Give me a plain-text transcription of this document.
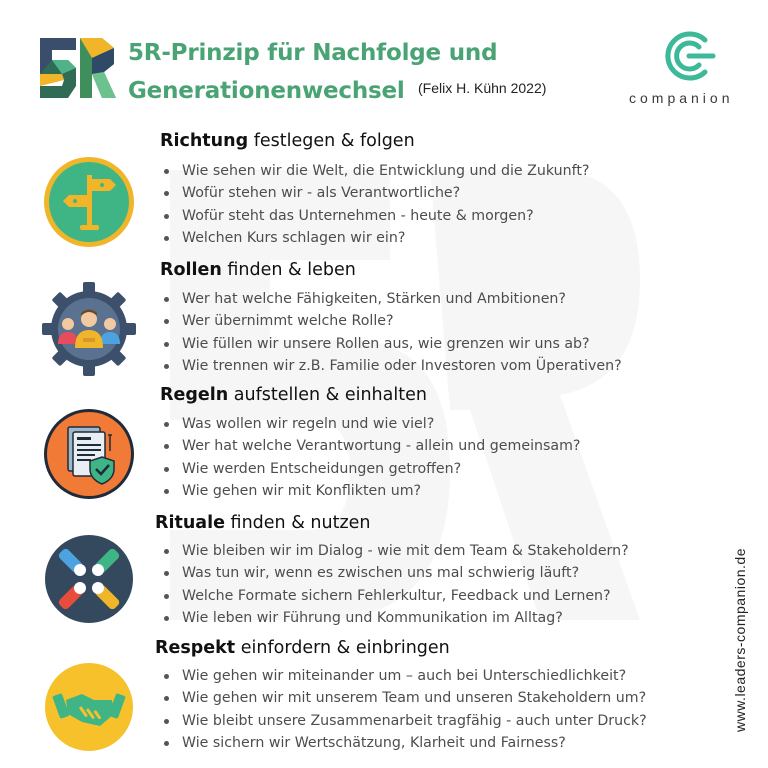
5R-Prinzip für Nachfolge und
Generationenwechsel (Felix H. Kühn 2022)
companion
Richtung festlegen & folgen
Wie sehen wir die Welt, die Entwicklung und die Zukunft?
Wofür stehen wir - als Verantwortliche?
Wofür steht das Unternehmen - heute & morgen?
Welchen Kurs schlagen wir ein?
Rollen finden & leben
Wer hat welche Fähigkeiten, Stärken und Ambitionen?
Wer übernimmt welche Rolle?
Wie füllen wir unsere Rollen aus, wie grenzen wir uns ab?
Wie trennen wir z.B. Familie oder Investoren vom Üperativen?
Regeln aufstellen & einhalten
Was wollen wir regeln und wie viel?
Wer hat welche Verantwortung - allein und gemeinsam?
Wie werden Entscheidungen getroffen?
Wie gehen wir mit Konflikten um?
Rituale finden & nutzen
Wie bleiben wir im Dialog - wie mit dem Team & Stakeholdern?
Was tun wir, wenn es zwischen uns mal schwierig läuft?
Welche Formate sichern Fehlerkultur, Feedback und Lernen?
Wie leben wir Führung und Kommunikation im Alltag?
Respekt einfordern & einbringen
Wie gehen wir miteinander um – auch bei Unterschiedlichkeit?
Wie gehen wir mit unserem Team und unseren Stakeholdern um?
Wie bleibt unsere Zusammenarbeit tragfähig - auch unter Druck?
Wie sichern wir Wertschätzung, Klarheit und Fairness?
www.leaders-companion.de
